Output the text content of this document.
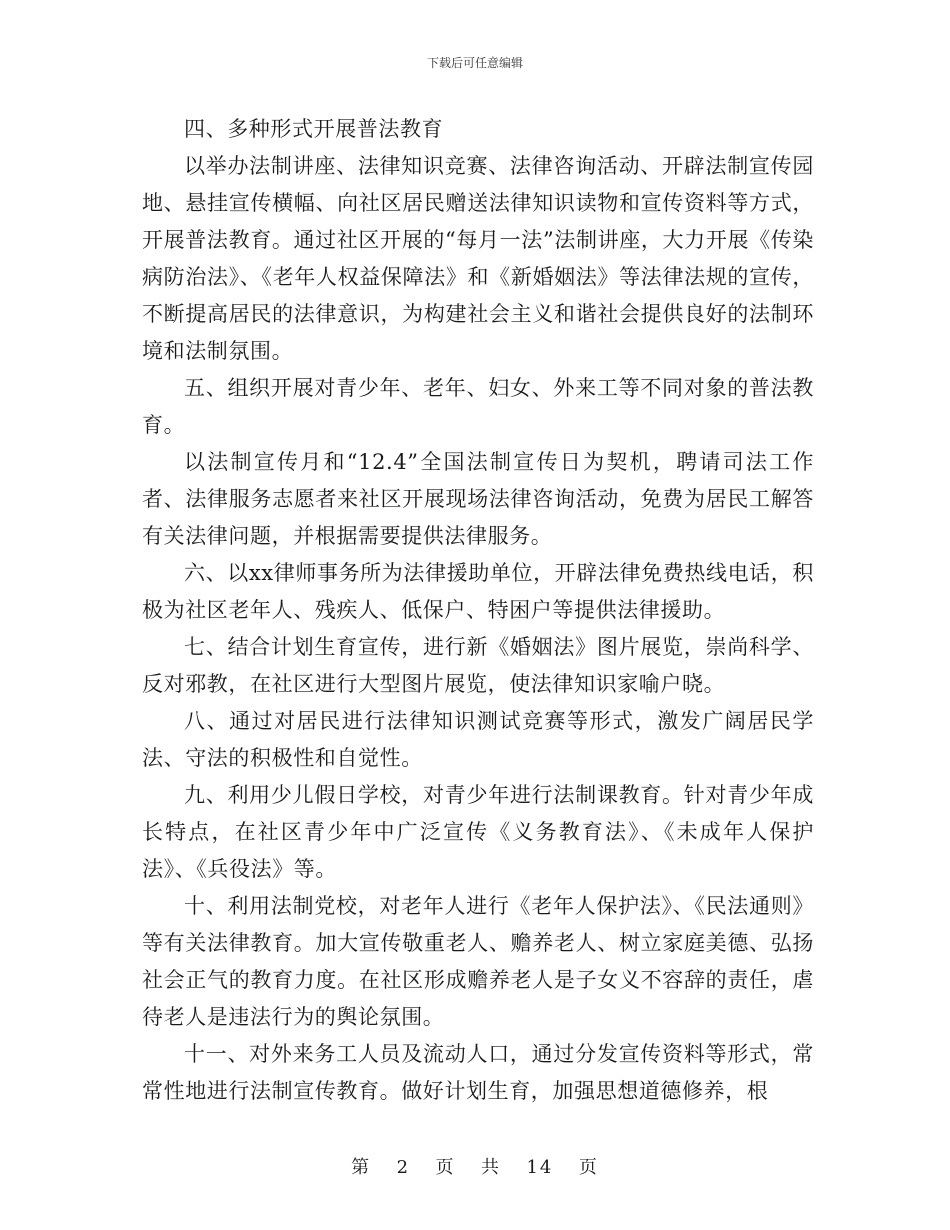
下载后可任意编辑

四、多种形式开展普法教育

以举办法制讲座、法律知识竞赛、法律咨询活动、开辟法制宣传园地、悬挂宣传横幅、向社区居民赠送法律知识读物和宣传资料等方式，开展普法教育。通过社区开展的“每月一法”法制讲座，大力开展《传染病防治法》、《老年人权益保障法》和《新婚姻法》等法律法规的宣传，不断提高居民的法律意识，为构建社会主义和谐社会提供良好的法制环境和法制氛围。

五、组织开展对青少年、老年、妇女、外来工等不同对象的普法教育。

以法制宣传月和“12.4”全国法制宣传日为契机，聘请司法工作者、法律服务志愿者来社区开展现场法律咨询活动，免费为居民工解答有关法律问题，并根据需要提供法律服务。

六、以xx律师事务所为法律援助单位，开辟法律免费热线电话，积极为社区老年人、残疾人、低保户、特困户等提供法律援助。

七、结合计划生育宣传，进行新《婚姻法》图片展览，崇尚科学、反对邪教，在社区进行大型图片展览，使法律知识家喻户晓。

八、通过对居民进行法律知识测试竞赛等形式，激发广阔居民学法、守法的积极性和自觉性。

九、利用少儿假日学校，对青少年进行法制课教育。针对青少年成长特点，在社区青少年中广泛宣传《义务教育法》、《未成年人保护法》、《兵役法》等。

十、利用法制党校，对老年人进行《老年人保护法》、《民法通则》等有关法律教育。加大宣传敬重老人、赡养老人、树立家庭美德、弘扬社会正气的教育力度。在社区形成赡养老人是子女义不容辞的责任，虐待老人是违法行为的舆论氛围。

十一、对外来务工人员及流动人口，通过分发宣传资料等形式，常常性地进行法制宣传教育。做好计划生育，加强思想道德修养，根

第 2 页 共 14 页
